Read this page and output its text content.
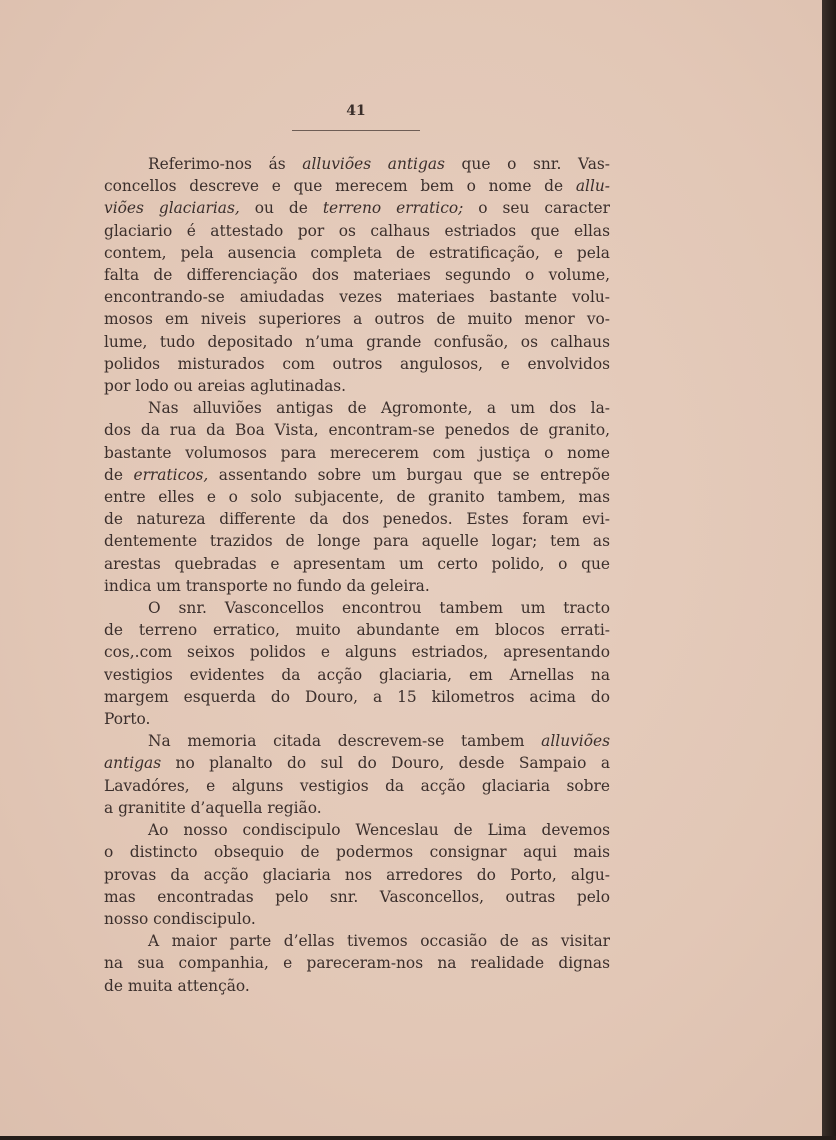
41
Referimo-nos ás alluviões antigas que o snr. Vas-
concellos descreve e que merecem bem o nome de allu-
viões glaciarias, ou de terreno erratico; o seu caracter
glaciario é attestado por os calhaus estriados que ellas
contem, pela ausencia completa de estratificação, e pela
falta de differenciação dos materiaes segundo o volume,
encontrando-se amiudadas vezes materiaes bastante volu-
mosos em niveis superiores a outros de muito menor vo-
lume, tudo depositado n’uma grande confusão, os calhaus
polidos misturados com outros angulosos, e envolvidos
por lodo ou areias aglutinadas.
Nas alluviões antigas de Agromonte, a um dos la-
dos da rua da Boa Vista, encontram-se penedos de granito,
bastante volumosos para merecerem com justiça o nome
de erraticos, assentando sobre um burgau que se entrepõe
entre elles e o solo subjacente, de granito tambem, mas
de natureza differente da dos penedos. Estes foram evi-
dentemente trazidos de longe para aquelle logar; tem as
arestas quebradas e apresentam um certo polido, o que
indica um transporte no fundo da geleira.
O snr. Vasconcellos encontrou tambem um tracto
de terreno erratico, muito abundante em blocos errati-
cos,.com seixos polidos e alguns estriados, apresentando
vestigios evidentes da acção glaciaria, em Arnellas na
margem esquerda do Douro, a 15 kilometros acima do
Porto.
Na memoria citada descrevem-se tambem alluviões
antigas no planalto do sul do Douro, desde Sampaio a
Lavadóres, e alguns vestigios da acção glaciaria sobre
a granitite d’aquella região.
Ao nosso condiscipulo Wenceslau de Lima devemos
o distincto obsequio de podermos consignar aqui mais
provas da acção glaciaria nos arredores do Porto, algu-
mas encontradas pelo snr. Vasconcellos, outras pelo
nosso condiscipulo.
A maior parte d’ellas tivemos occasião de as visitar
na sua companhia, e pareceram-nos na realidade dignas
de muita attenção.
